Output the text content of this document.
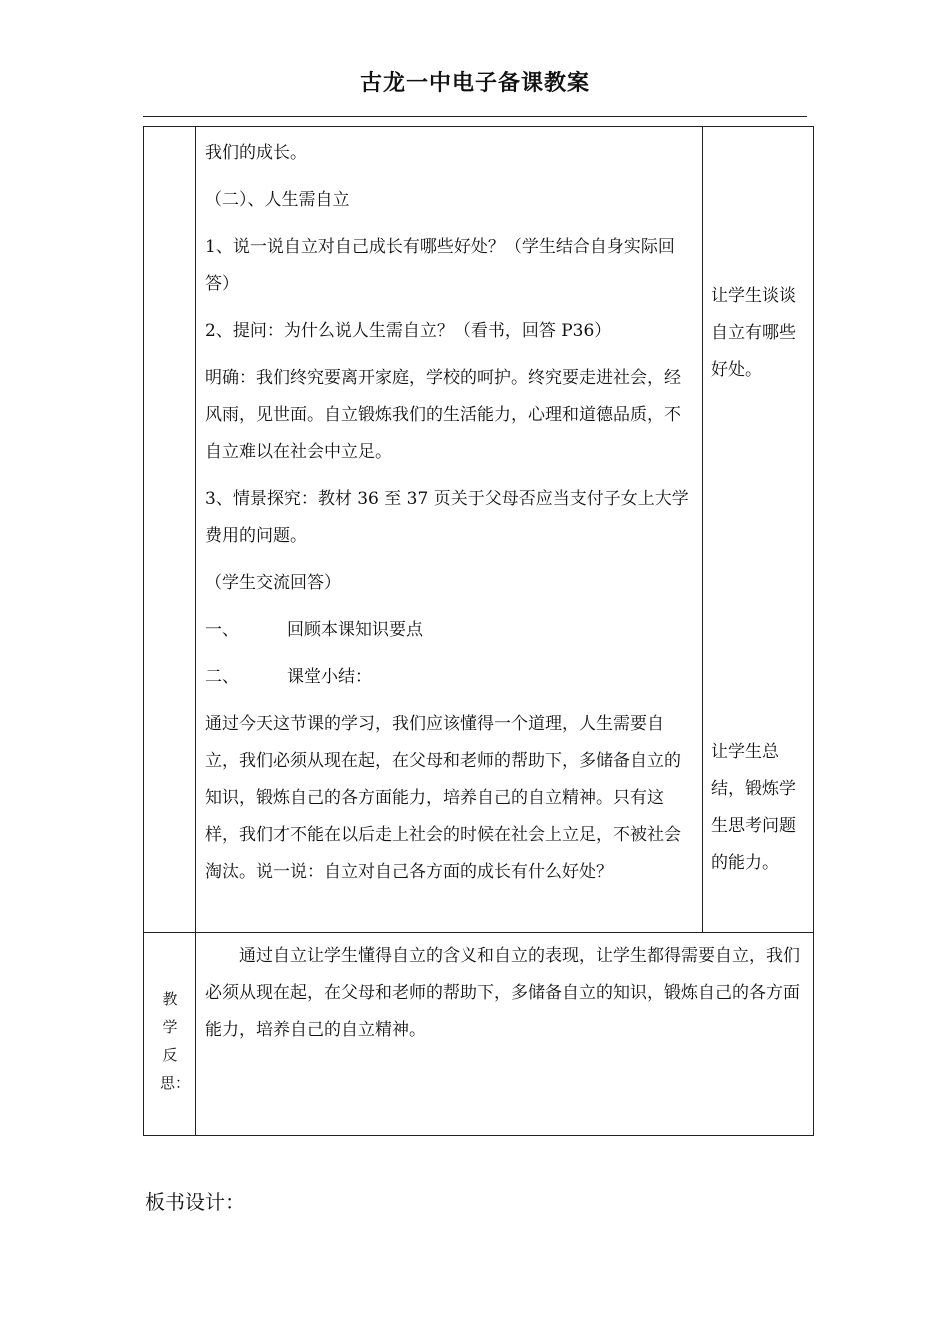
古龙一中电子备课教案

我们的成长。

（二）、人生需自立

1、说一说自立对自己成长有哪些好处？（学生结合自身实际回答）

2、提问：为什么说人生需自立？（看书，回答 P36）

明确：我们终究要离开家庭，学校的呵护。终究要走进社会，经风雨，见世面。自立锻炼我们的生活能力，心理和道德品质，不自立难以在社会中立足。

3、情景探究：教材 36 至 37 页关于父母否应当支付子女上大学费用的问题。

（学生交流回答）

一、	回顾本课知识要点

二、	课堂小结：

通过今天这节课的学习，我们应该懂得一个道理，人生需要自立，我们必须从现在起，在父母和老师的帮助下，多储备自立的知识，锻炼自己的各方面能力，培养自己的自立精神。只有这样，我们才不能在以后走上社会的时候在社会上立足，不被社会淘汰。说一说：自立对自己各方面的成长有什么好处？

让学生谈谈自立有哪些好处。
让学生总结，锻炼学生思考问题的能力。
教学反思：
通过自立让学生懂得自立的含义和自立的表现，让学生都得需要自立，我们必须从现在起，在父母和老师的帮助下，多储备自立的知识，锻炼自己的各方面能力，培养自己的自立精神。
板书设计：
